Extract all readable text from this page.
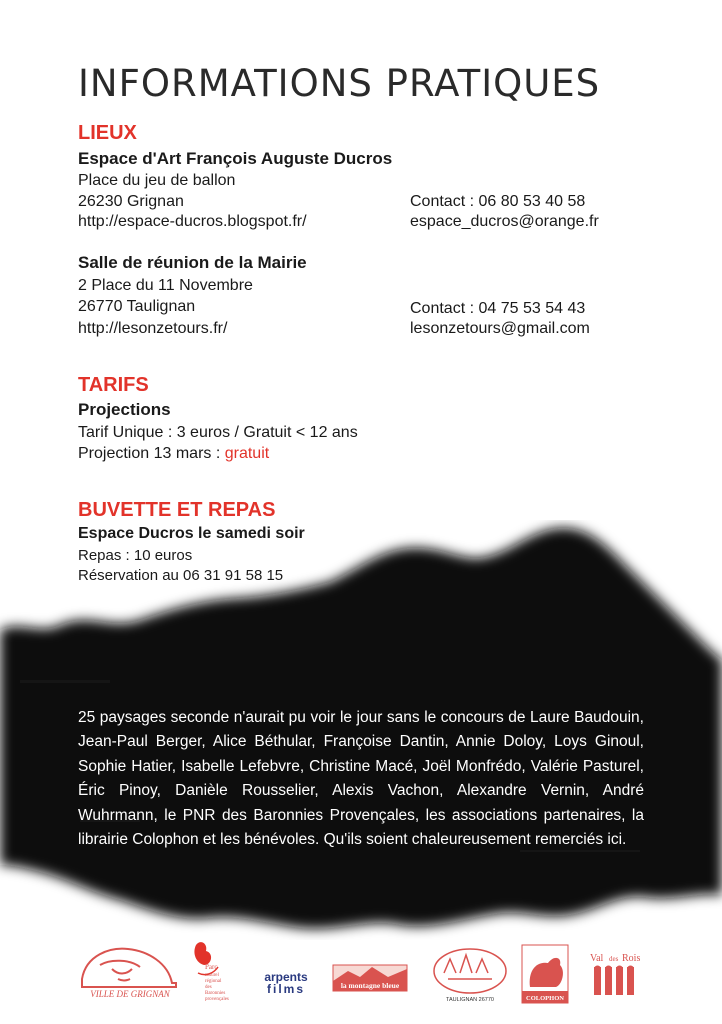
INFORMATIONS PRATIQUES
LIEUX
Espace d'Art François Auguste Ducros
Place du jeu de ballon
26230 Grignan	Contact : 06 80 53 40 58
http://espace-ducros.blogspot.fr/	espace_ducros@orange.fr
Salle de réunion de la Mairie
2 Place du 11 Novembre
26770 Taulignan	Contact : 04 75 53 54 43
http://lesonzetours.fr/	lesonzetours@gmail.com
TARIFS
Projections
Tarif Unique : 3 euros / Gratuit < 12 ans
Projection 13 mars : gratuit
BUVETTE ET REPAS
Espace Ducros le samedi soir
Repas : 10 euros
Réservation au 06 31 91 58 15

25 paysages seconde n'aurait pu voir le jour sans le concours de Laure Baudouin, Jean-Paul Berger, Alice Béthular, Françoise Dantin, Annie Doloy, Loys Ginoul, Sophie Hatier, Isabelle Lefebvre, Christine Macé, Joël Monfrédo, Valérie Pasturel, Éric Pinoy, Danièle Rousselier, Alexis Vachon, Alexandre Vernin, André Wuhrmann, le PNR des Baronnies Provençales, les associations partenaires, la librairie Colophon et les bénévoles. Qu'ils soient chaleureusement remerciés ici.

VILLE DE GRIGNAN
Parc
naturel
régional
des
Baronnies
provençales
arpents
films	la montagne bleue
TAULIGNAN 26770	COLOPHON
Val des Rois
